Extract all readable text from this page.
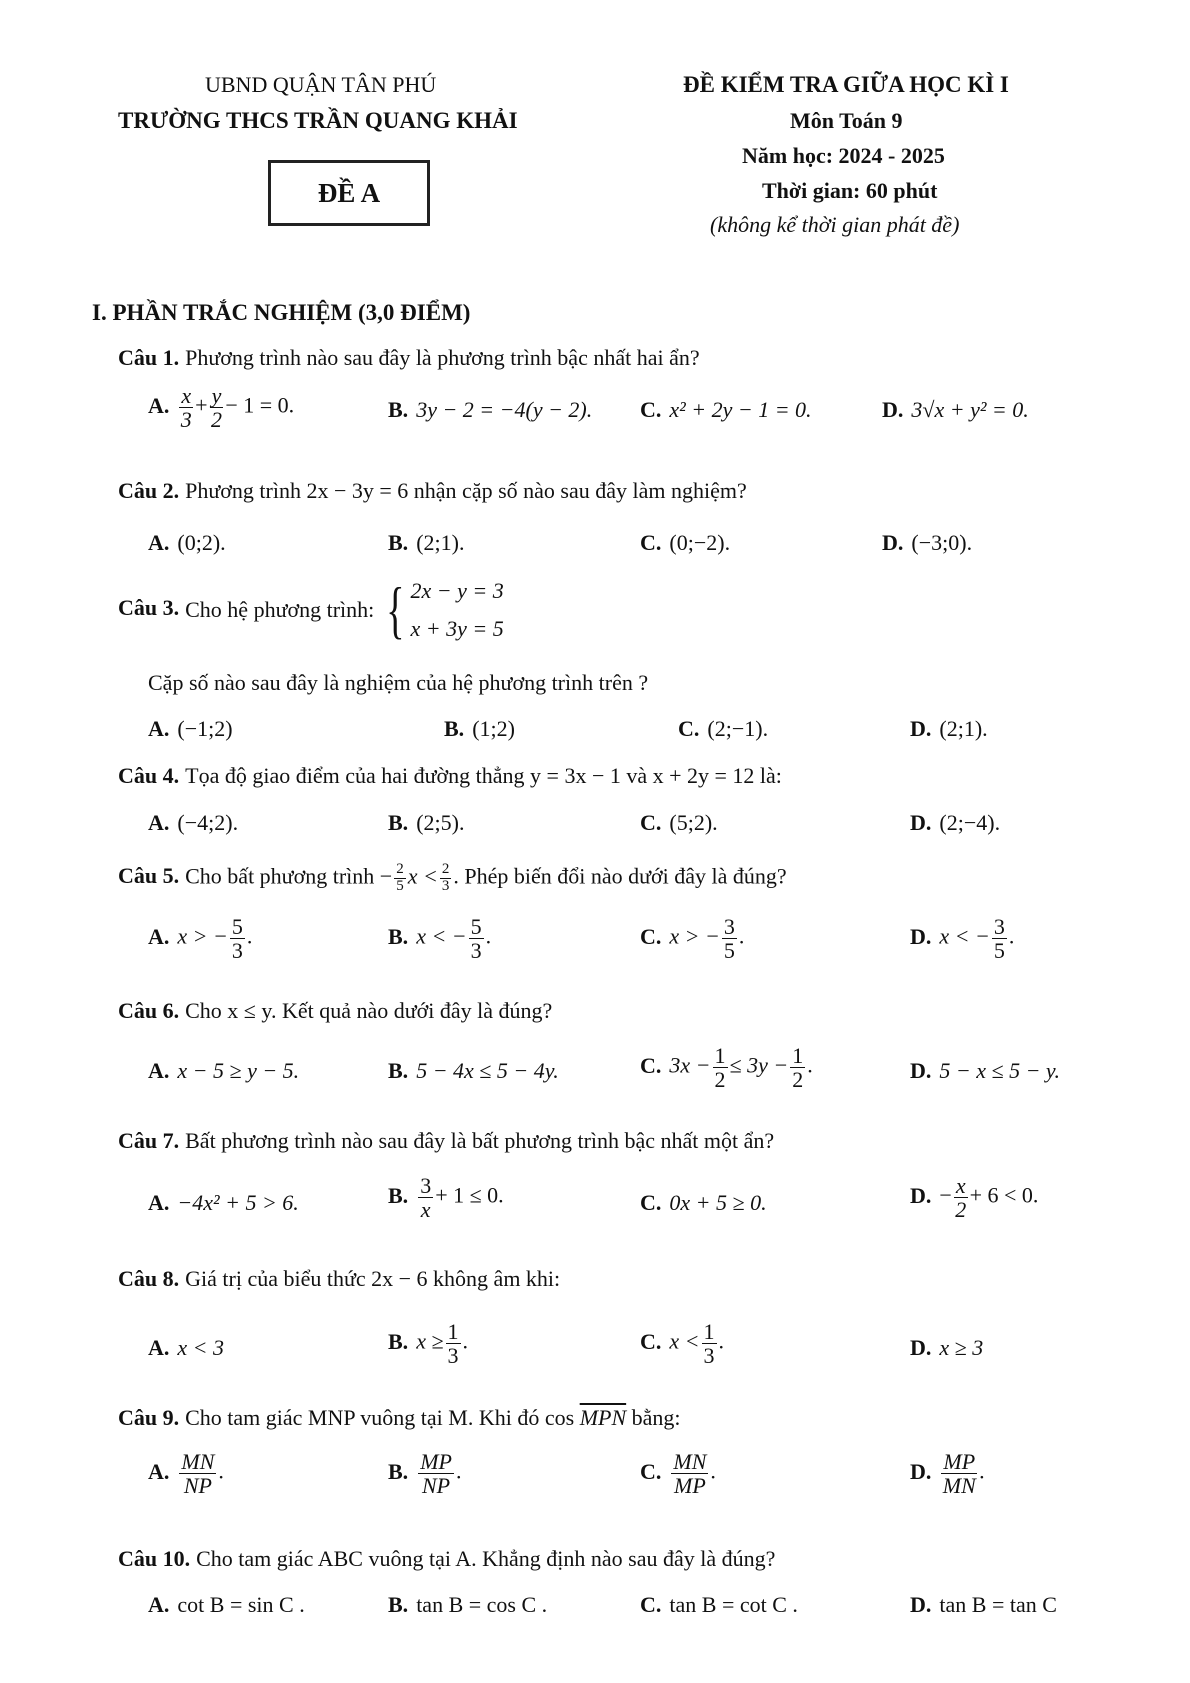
UBND QUẬN TÂN PHÚ
TRƯỜNG THCS TRẦN QUANG KHẢI
ĐỀ A
ĐỀ KIỂM TRA GIỮA HỌC KÌ I
Môn Toán 9
Năm học: 2024 - 2025
Thời gian: 60 phút
(không kể thời gian phát đề)
I. PHẦN TRẮC NGHIỆM (3,0 ĐIỂM)
Câu 1. Phương trình nào sau đây là phương trình bậc nhất hai ẩn?
A. $\frac{x}{3} + \frac{y}{2} - 1 = 0$.	B. 3y − 2 = −4(y − 2). C. x² + 2y − 1 = 0.	D. 3√x + y² = 0.
Câu 2. Phương trình 2x − 3y = 6 nhận cặp số nào sau đây làm nghiệm?
A. (0;2).	B. (2;1).	C. (0;−2).	D. (−3;0).
Câu 3. Cho hệ phương trình: { 2x − y = 3
x + 3y = 5
Cặp số nào sau đây là nghiệm của hệ phương trình trên ?
A. (−1;2)	B. (1;2)	C. (2;−1).	D. (2;1).
Câu 4. Tọa độ giao điểm của hai đường thẳng y = 3x − 1 và x + 2y = 12 là:
A. (−4;2).	B. (2;5).	C. (5;2).	D. (2;−4).
Câu 5. Cho bất phương trình − $\frac{2}{5}$ $x < \frac{2}{3}$ . Phép biến đổi nào dưới đây là đúng?
A. x > − $\frac{5}{3}$ .	B. x < − $\frac{5}{3}$ .	C. x > − $\frac{3}{5}$ .	D. x < − $\frac{3}{5}$ .
Câu 6. Cho x ≤ y. Kết quả nào dưới đây là đúng?
A. x − 5 ≥ y − 5.	B. 5 − 4x ≤ 5 − 4y.	C. $3x - \frac{1}{2} \le 3y - \frac{1}{2}$ .	D. 5 − x ≤ 5 − y.
Câu 7. Bất phương trình nào sau đây là bất phương trình bậc nhất một ẩn?
A. −4x² + 5 > 6.	B. $\frac{3}{x} + 1 \le 0$.	C. 0x + 5 ≥ 0.	D. − $\frac{x}{2} + 6 < 0$.
Câu 8. Giá trị của biểu thức 2x − 6 không âm khi:
A. x < 3	B. $x \ge \frac{1}{3}$ .	C. $x < \frac{1}{3}$ .	D. x ≥ 3
Câu 9. Cho tam giác MNP vuông tại M. Khi đó $\cos \overline{MPN}$ bằng:
A. $\frac{MN}{NP}$ .	B. $\frac{MP}{NP}$ .	C. $\frac{MN}{MP}$ .	D. $\frac{MP}{MN}$ .
Câu 10. Cho tam giác ABC vuông tại A. Khẳng định nào sau đây là đúng?
A. cot B = sin C .	B. tan B = cos C .	C. tan B = cot C .	D. tan B = tan C
